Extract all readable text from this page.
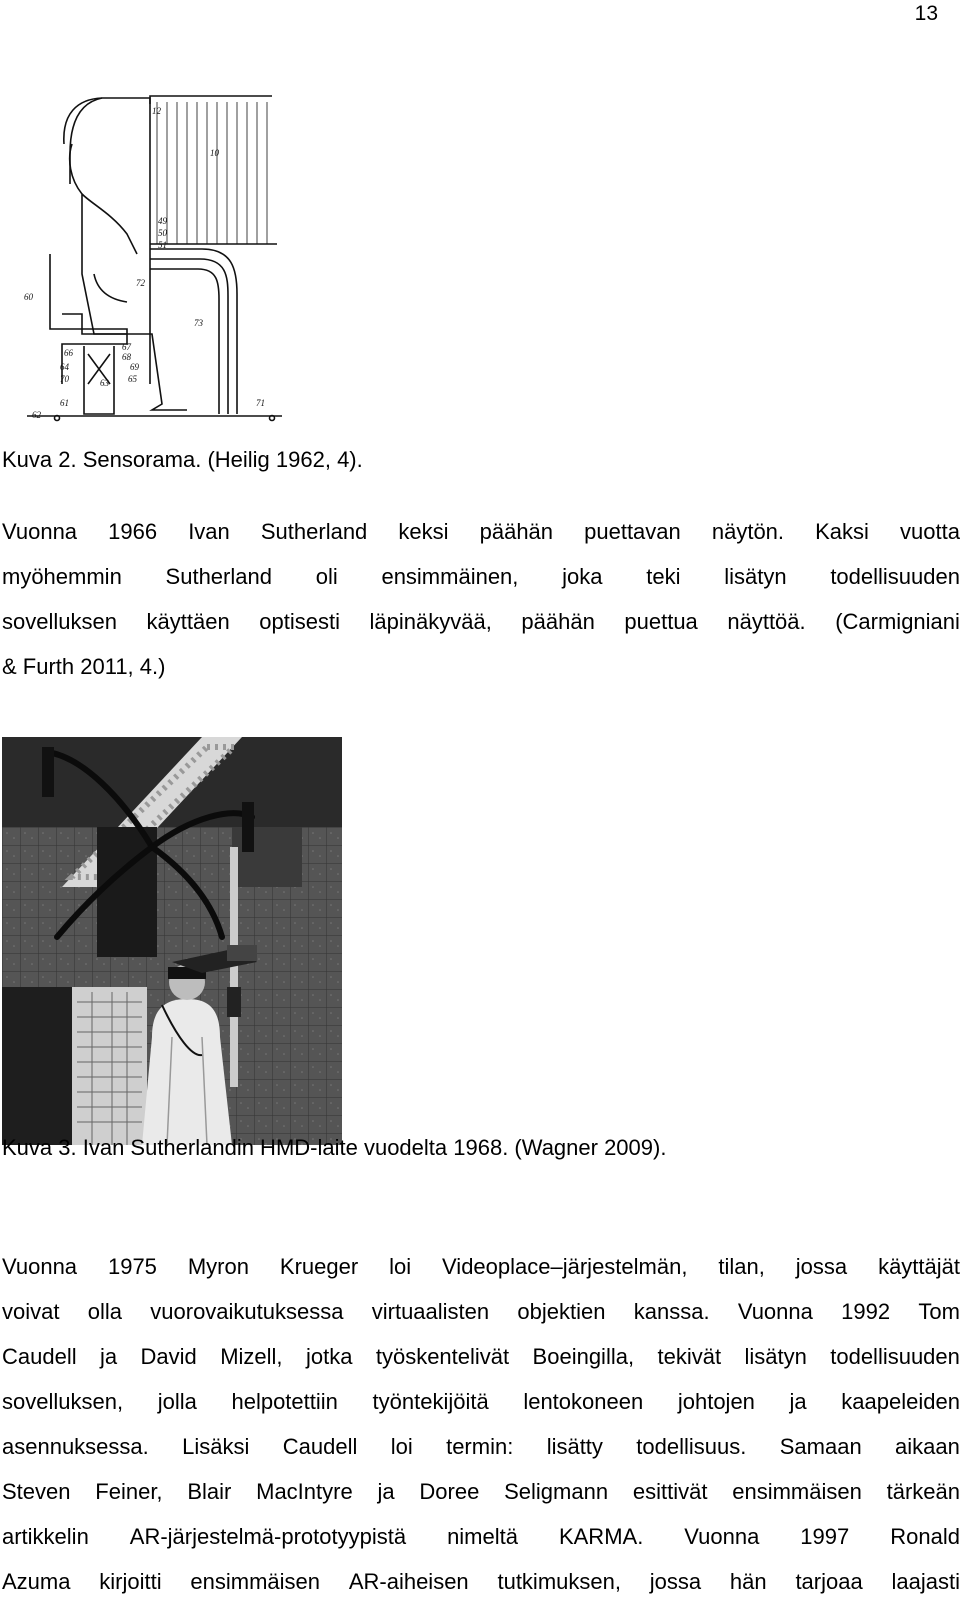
13
12
10
49
50
51
72
60
73
66
67
68
64	69
70	63 65
61
62
71
Kuva 2. Sensorama. (Heilig 1962, 4).
Vuonna 1966 Ivan Sutherland keksi päähän puettavan näytön. Kaksi vuotta
myöhemmin Sutherland oli ensimmäinen, joka teki lisätyn todellisuuden
sovelluksen käyttäen optisesti läpinäkyvää, päähän puettua näyttöä. (Carmigniani
& Furth 2011, 4.)
Kuva 3. Ivan Sutherlandin HMD-laite vuodelta 1968. (Wagner 2009).
Vuonna 1975 Myron Krueger loi Videoplace–järjestelmän, tilan, jossa käyttäjät
voivat olla vuorovaikutuksessa virtuaalisten objektien kanssa. Vuonna 1992 Tom
Caudell ja David Mizell, jotka työskentelivät Boeingilla, tekivät lisätyn todellisuuden
sovelluksen, jolla helpotettiin työntekijöitä lentokoneen johtojen ja kaapeleiden
asennuksessa. Lisäksi Caudell loi termin: lisätty todellisuus. Samaan aikaan
Steven Feiner, Blair MacIntyre ja Doree Seligmann esittivät ensimmäisen tärkeän
artikkelin AR-järjestelmä-prototyypistä nimeltä KARMA. Vuonna 1997 Ronald
Azuma kirjoitti ensimmäisen AR-aiheisen tutkimuksen, jossa hän tarjoaa laajasti
